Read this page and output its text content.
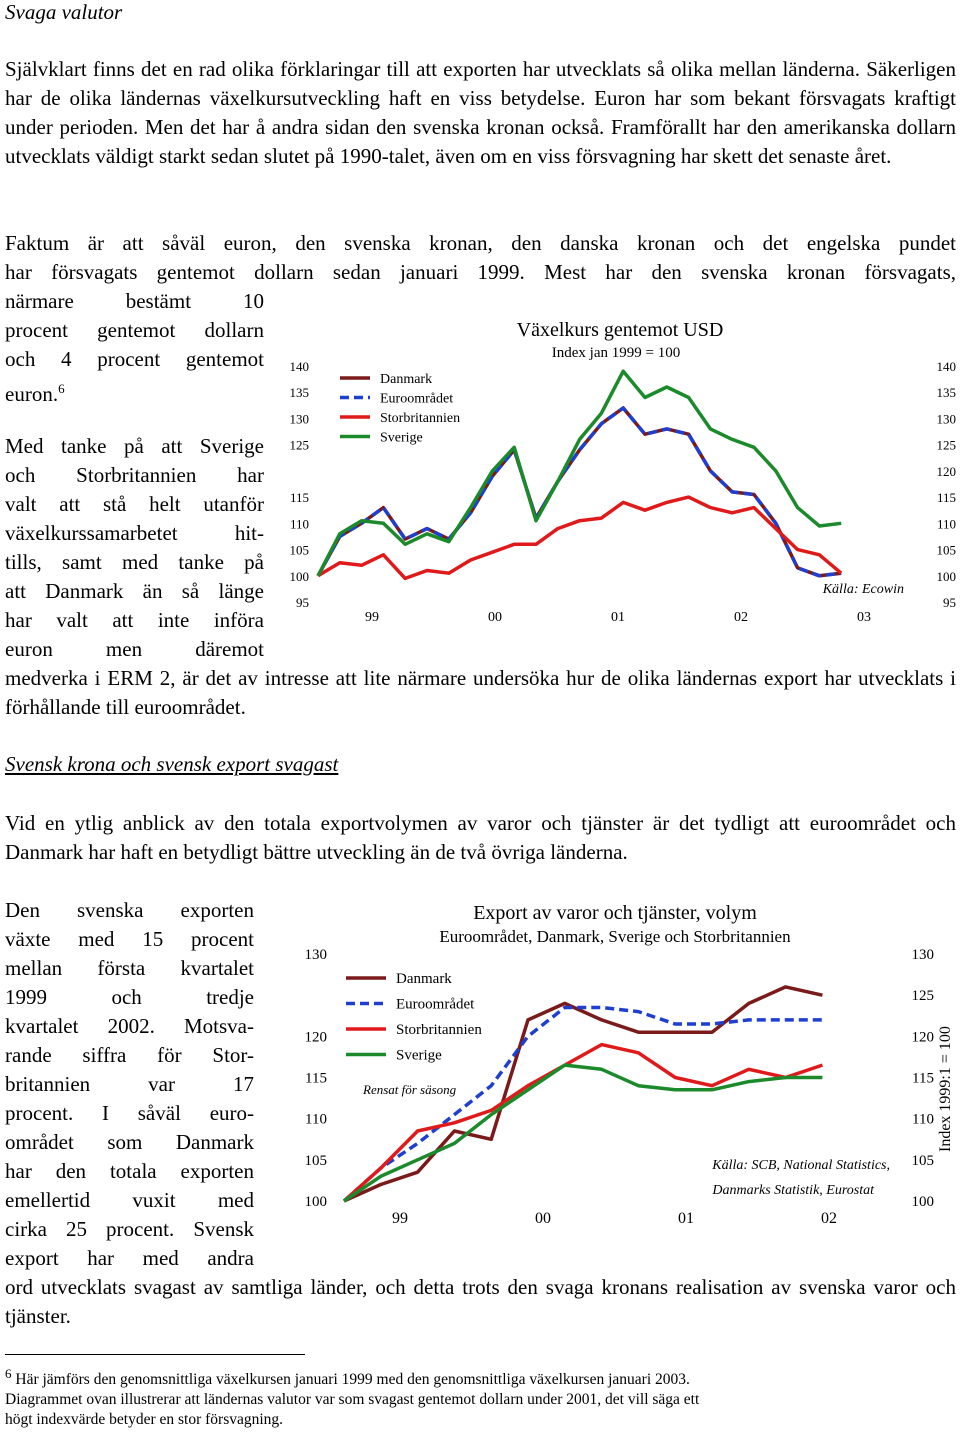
Svaga valutor

Självklart finns det en rad olika förklaringar till att exporten har utvecklats så olika mellan länderna. Säkerligen har de olika ländernas växelkursutveckling haft en viss betydelse. Euron har som bekant försvagats kraftigt under perioden. Men det har å andra sidan den svenska kronan också. Framförallt har den amerikanska dollarn utvecklats väldigt starkt sedan slutet på 1990-talet, även om en viss försvagning har skett det senaste året.

Faktum är att såväl euron, den svenska kronan, den danska kronan och det engelska pundet
har försvagats gentemot dollarn sedan januari 1999. Mest har den svenska kronan försvagats,
närmare bestämt 10
procent gentemot dollarn
och 4 procent gentemot
euron.$^6$
Med tanke på att Sverige
och Storbritannien har
valt att stå helt utanför
växelkurssamarbetet hit-
tills, samt med tanke på
att Danmark än så länge
har valt att inte införa
euron men däremot

medverka i ERM 2, är det av intresse att lite närmare undersöka hur de olika ländernas export har utvecklats i förhållande till euroområdet.

Växelkurs gentemot USD
Index jan 1999 = 100
95
100
105
110
115
125
130
135
140
95
100
105
110
115
120
125
130
135
140
99	00	01	02	03
Danmark
Euroområdet
Storbritannien
Sverige
Källa: Ecowin
Svensk krona och svensk export svagast

Vid en ytlig anblick av den totala exportvolymen av varor och tjänster är det tydligt att euroområdet och Danmark har haft en betydligt bättre utveckling än de två övriga länderna.

Den svenska exporten
växte med 15 procent
mellan första kvartalet
1999 och tredje
kvartalet 2002. Motsva-
rande siffra för Stor-
britannien var 17
procent. I såväl euro-
området som Danmark
har den totala exporten
emellertid vuxit med
cirka 25 procent. Svensk
export har med andra

ord utvecklats svagast av samtliga länder, och detta trots den svaga kronans realisation av svenska varor och tjänster.

Export av varor och tjänster, volym
Euroområdet, Danmark, Sverige och Storbritannien
100
105
110
115
120
130
100
105
110
115
120
125
130
99	00	01	02
Danmark
Euroområdet
Storbritannien
Sverige
Rensat för säsong
Källa: SCB, National Statistics,
Danmarks Statistik, Eurostat
Index 1999:1 = 100
$^6$ Här jämförs den genomsnittliga växelkursen januari 1999 med den genomsnittliga växelkursen januari 2003.
Diagrammet ovan illustrerar att ländernas valutor var som svagast gentemot dollarn under 2001, det vill säga ett
högt indexvärde betyder en stor försvagning.
